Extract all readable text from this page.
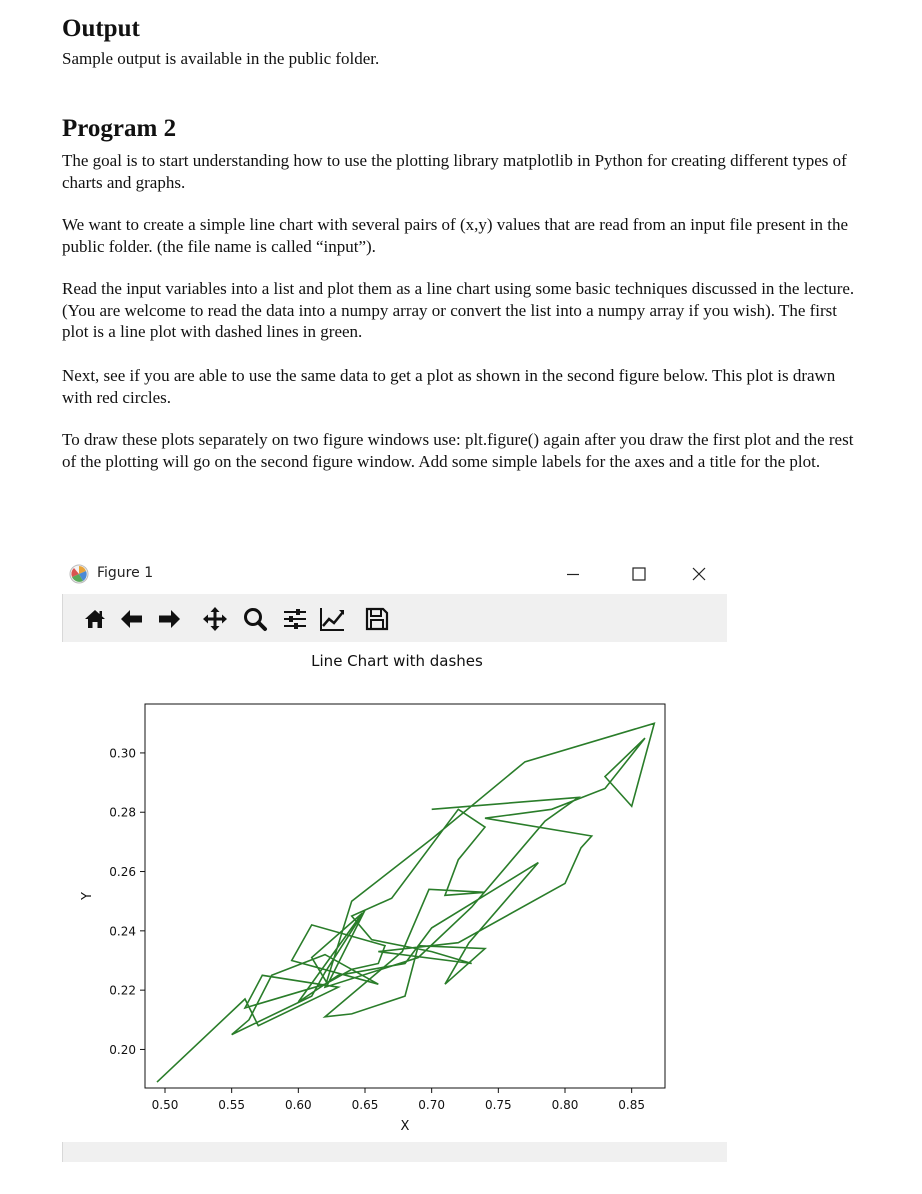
Output

Sample output is available in the public folder.

Program 2

The goal is to start understanding how to use the plotting library matplotlib in Python for creating different types of charts and graphs.

We want to create a simple line chart with several pairs of (x,y) values that are read from an input file present in the public folder. (the file name is called “input”).

Read the input variables into a list and plot them as a line chart using some basic techniques discussed in the lecture. (You are welcome to read the data into a numpy array or convert the list into a numpy array if you wish). The first plot is a line plot with dashed lines in green.

Next, see if you are able to use the same data to get a plot as shown in the second figure below. This plot is drawn with red circles.

To draw these plots separately on two figure windows use: plt.figure() again after you draw the first plot and the rest of the plotting will go on the second figure window. Add some simple labels for the axes and a title for the plot.

Figure 1
Line Chart with dashes
0.50	0.55	0.60	0.65	0.70	0.75	0.80	0.85
0.20
0.22
0.24
0.26
0.28
0.30
X
Y
